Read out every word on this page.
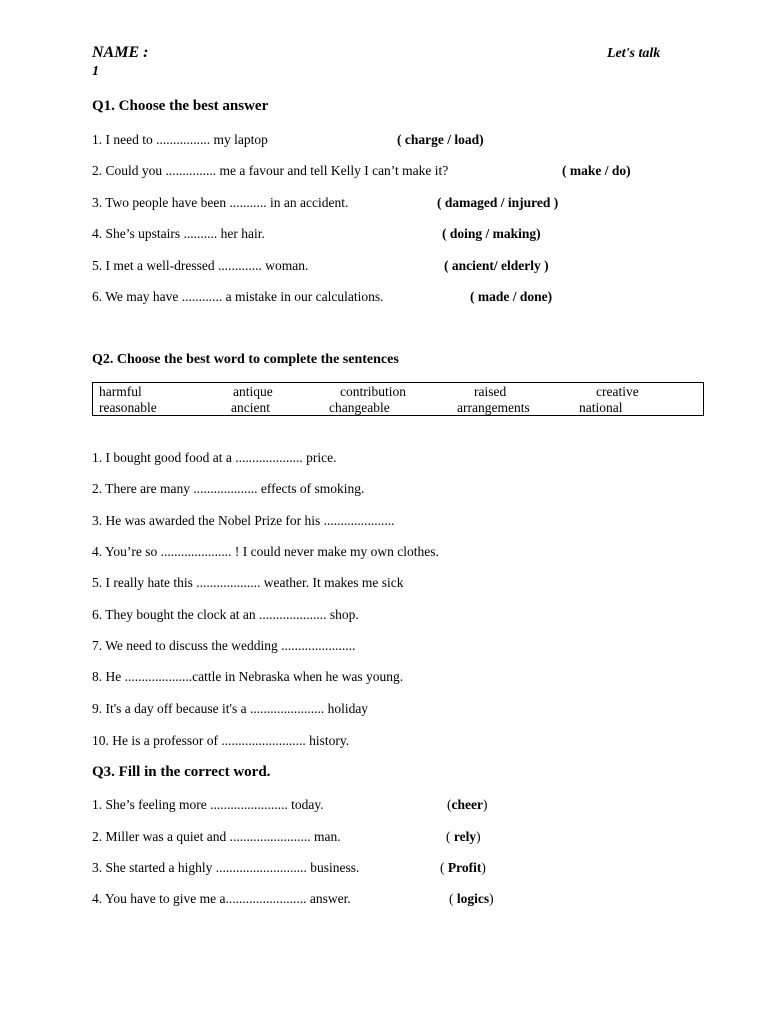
NAME :
1
Let's talk
Q1. Choose the best answer
1. I need to ................ my laptop	( charge / load)
2. Could you ............... me a favour and tell Kelly I can’t make it?	( make / do)
3. Two people have been ........... in an accident.	( damaged / injured )
4. She’s upstairs .......... her hair.	( doing / making)
5. I met a well-dressed ............. woman.	( ancient/ elderly )
6. We may have ............ a mistake in our calculations.	( made / done)
Q2. Choose the best word to complete the sentences
harmful	antique	contribution	raised	creative
reasonable	ancient	changeable	arrangements	national
1. I bought good food at a .................... price.
2. There are many ................... effects of smoking.
3. He was awarded the Nobel Prize for his .....................
4. You’re so ..................... ! I could never make my own clothes.
5. I really hate this ................... weather. It makes me sick
6. They bought the clock at an .................... shop.
7. We need to discuss the wedding ......................
8. He ....................cattle in Nebraska when he was young.
9. It's a day off because it's a ...................... holiday
10. He is a professor of ......................... history.
Q3. Fill in the correct word.
1. She’s feeling more ....................... today.	(cheer)
2. Miller was a quiet and ........................ man.	( rely)
3. She started a highly ........................... business.	( Profit)
4. You have to give me a........................ answer.	( logics)
